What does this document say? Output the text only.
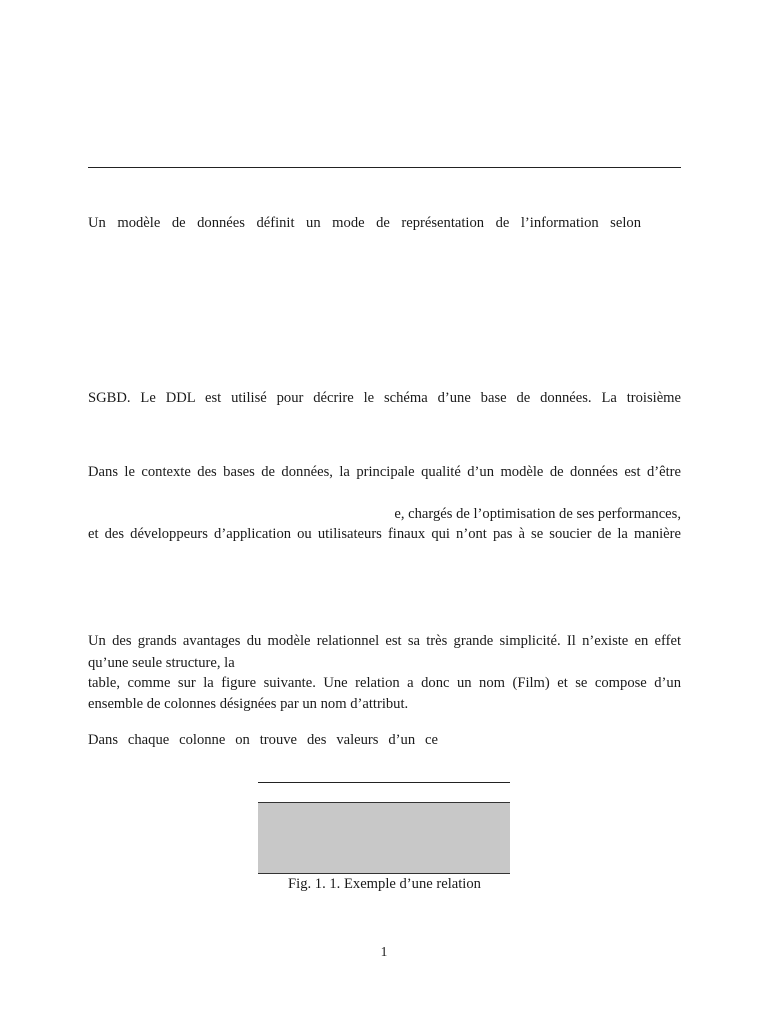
Un modèle de données définit un mode de représentation de l’information selon
SGBD. Le DDL est utilisé pour décrire le schéma d’une base de données. La troisième
Dans le contexte des bases de données, la principale qualité d’un modèle de données est d’être
e, chargés de l’optimisation de ses performances,
et des développeurs d’application ou utilisateurs finaux qui n’ont pas à se soucier de la manière
Un des grands avantages du modèle relationnel est sa très grande simplicité. Il n’existe en effet
qu’une seule structure, la
table, comme sur la figure suivante. Une relation a donc un nom (Film) et se compose d’un
ensemble de colonnes désignées par un nom d’attribut.
Dans chaque colonne on trouve des valeurs d’un ce
Fig. 1. 1. Exemple d’une relation
1
